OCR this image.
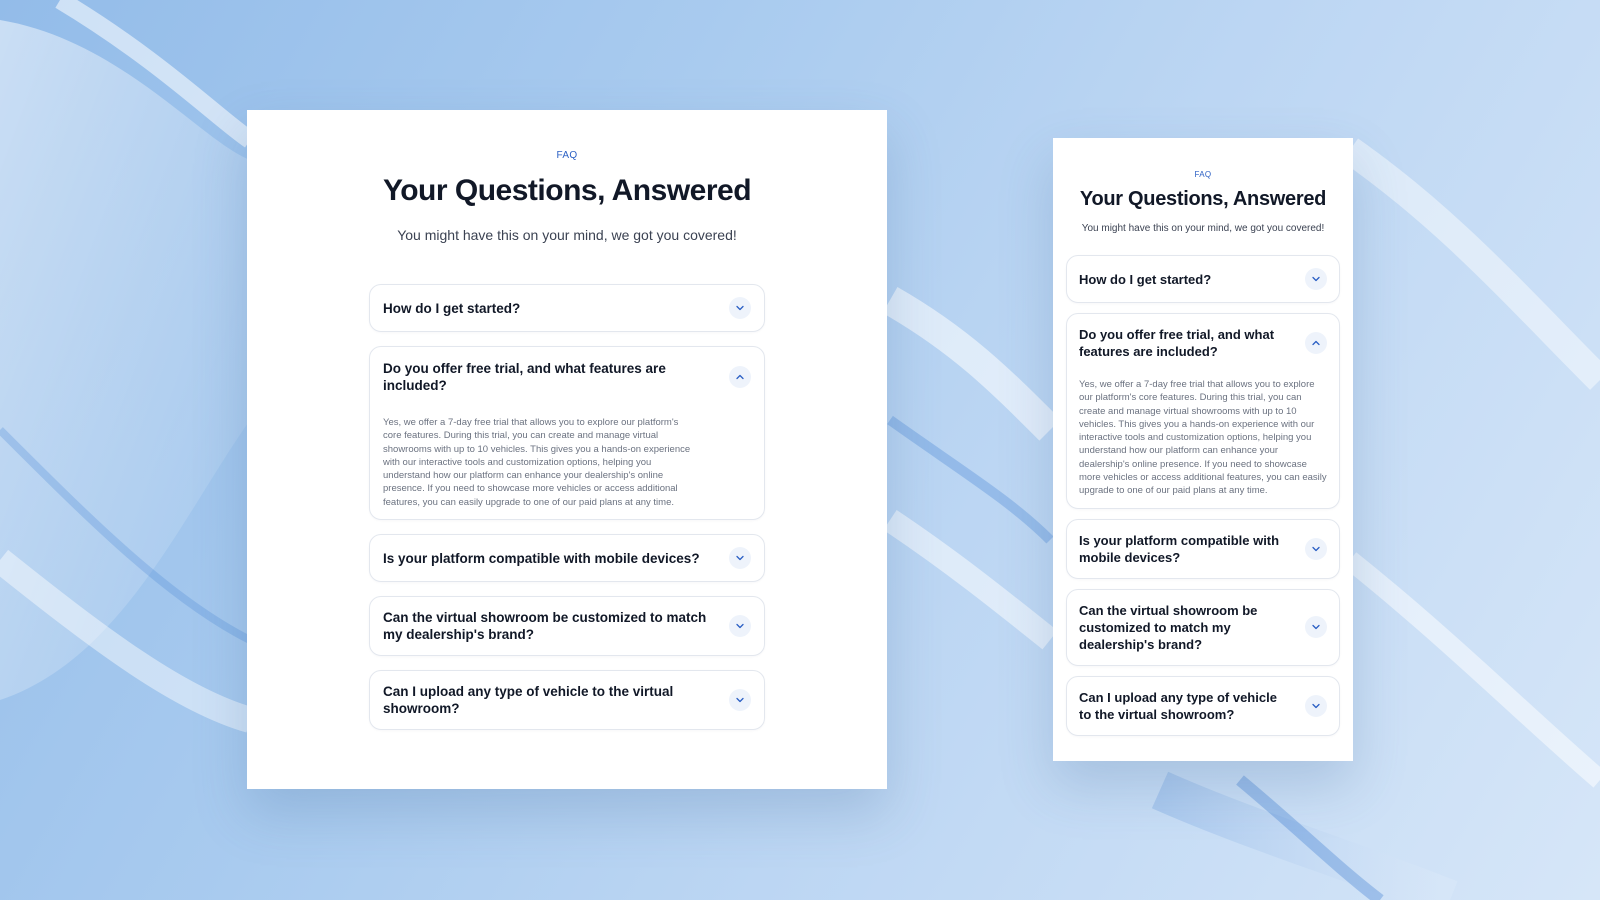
FAQ
Your Questions, Answered

You might have this on your mind, we got you covered!

How do I get started?
Do you offer free trial, and what features are included?
Yes, we offer a 7-day free trial that allows you to explore our platform's core features. During this trial, you can create and manage virtual showrooms with up to 10 vehicles. This gives you a hands-on experience with our interactive tools and customization options, helping you understand how our platform can enhance your dealership's online presence. If you need to showcase more vehicles or access additional features, you can easily upgrade to one of our paid plans at any time.
Is your platform compatible with mobile devices?
Can the virtual showroom be customized to match my dealership's brand?
Can I upload any type of vehicle to the virtual showroom?
FAQ
Your Questions, Answered

You might have this on your mind, we got you covered!

How do I get started?
Do you offer free trial, and what features are included?
Yes, we offer a 7-day free trial that allows you to explore our platform's core features. During this trial, you can create and manage virtual showrooms with up to 10 vehicles. This gives you a hands-on experience with our interactive tools and customization options, helping you understand how our platform can enhance your dealership's online presence. If you need to showcase more vehicles or access additional features, you can easily upgrade to one of our paid plans at any time.
Is your platform compatible with mobile devices?
Can the virtual showroom be customized to match my dealership's brand?
Can I upload any type of vehicle to the virtual showroom?
